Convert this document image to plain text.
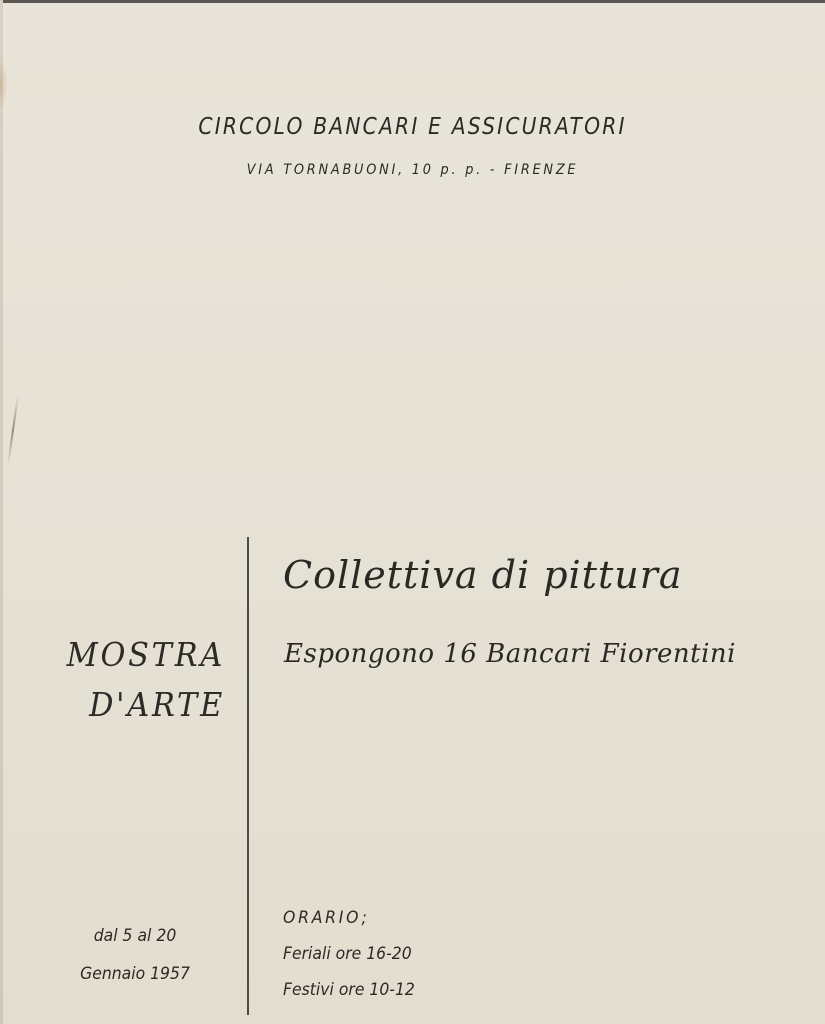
CIRCOLO BANCARI E ASSICURATORI
VIA TORNABUONI, 10 p. p. - FIRENZE
MOSTRA
D'ARTE
Collettiva di pittura
Espongono 16 Bancari Fiorentini
dal 5 al 20
Gennaio 1957
ORARIO;
Feriali ore 16-20
Festivi ore 10-12
